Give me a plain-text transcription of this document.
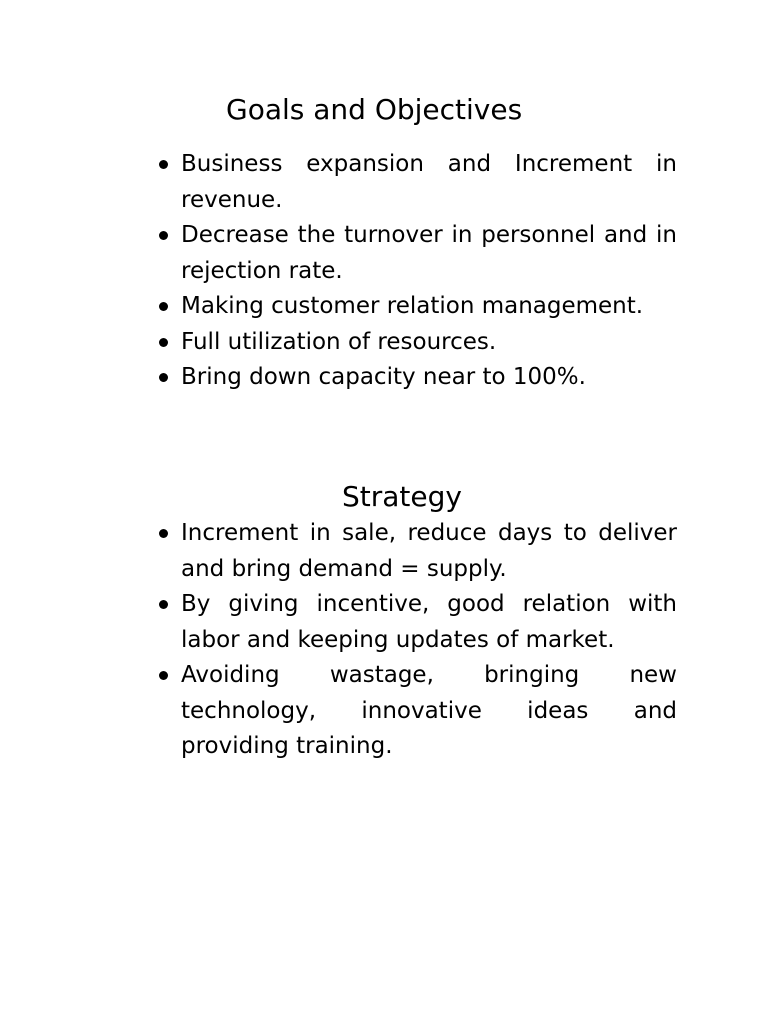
Goals and Objectives
Business expansion and Increment in revenue.
Decrease the turnover in personnel and in rejection rate.
Making customer relation management.
Full utilization of resources.
Bring down capacity near to 100%.
Strategy
Increment in sale, reduce days to deliver and bring demand = supply.
By giving incentive, good relation with labor and keeping updates of market.
Avoiding wastage, bringing new technology, innovative ideas and providing training.
